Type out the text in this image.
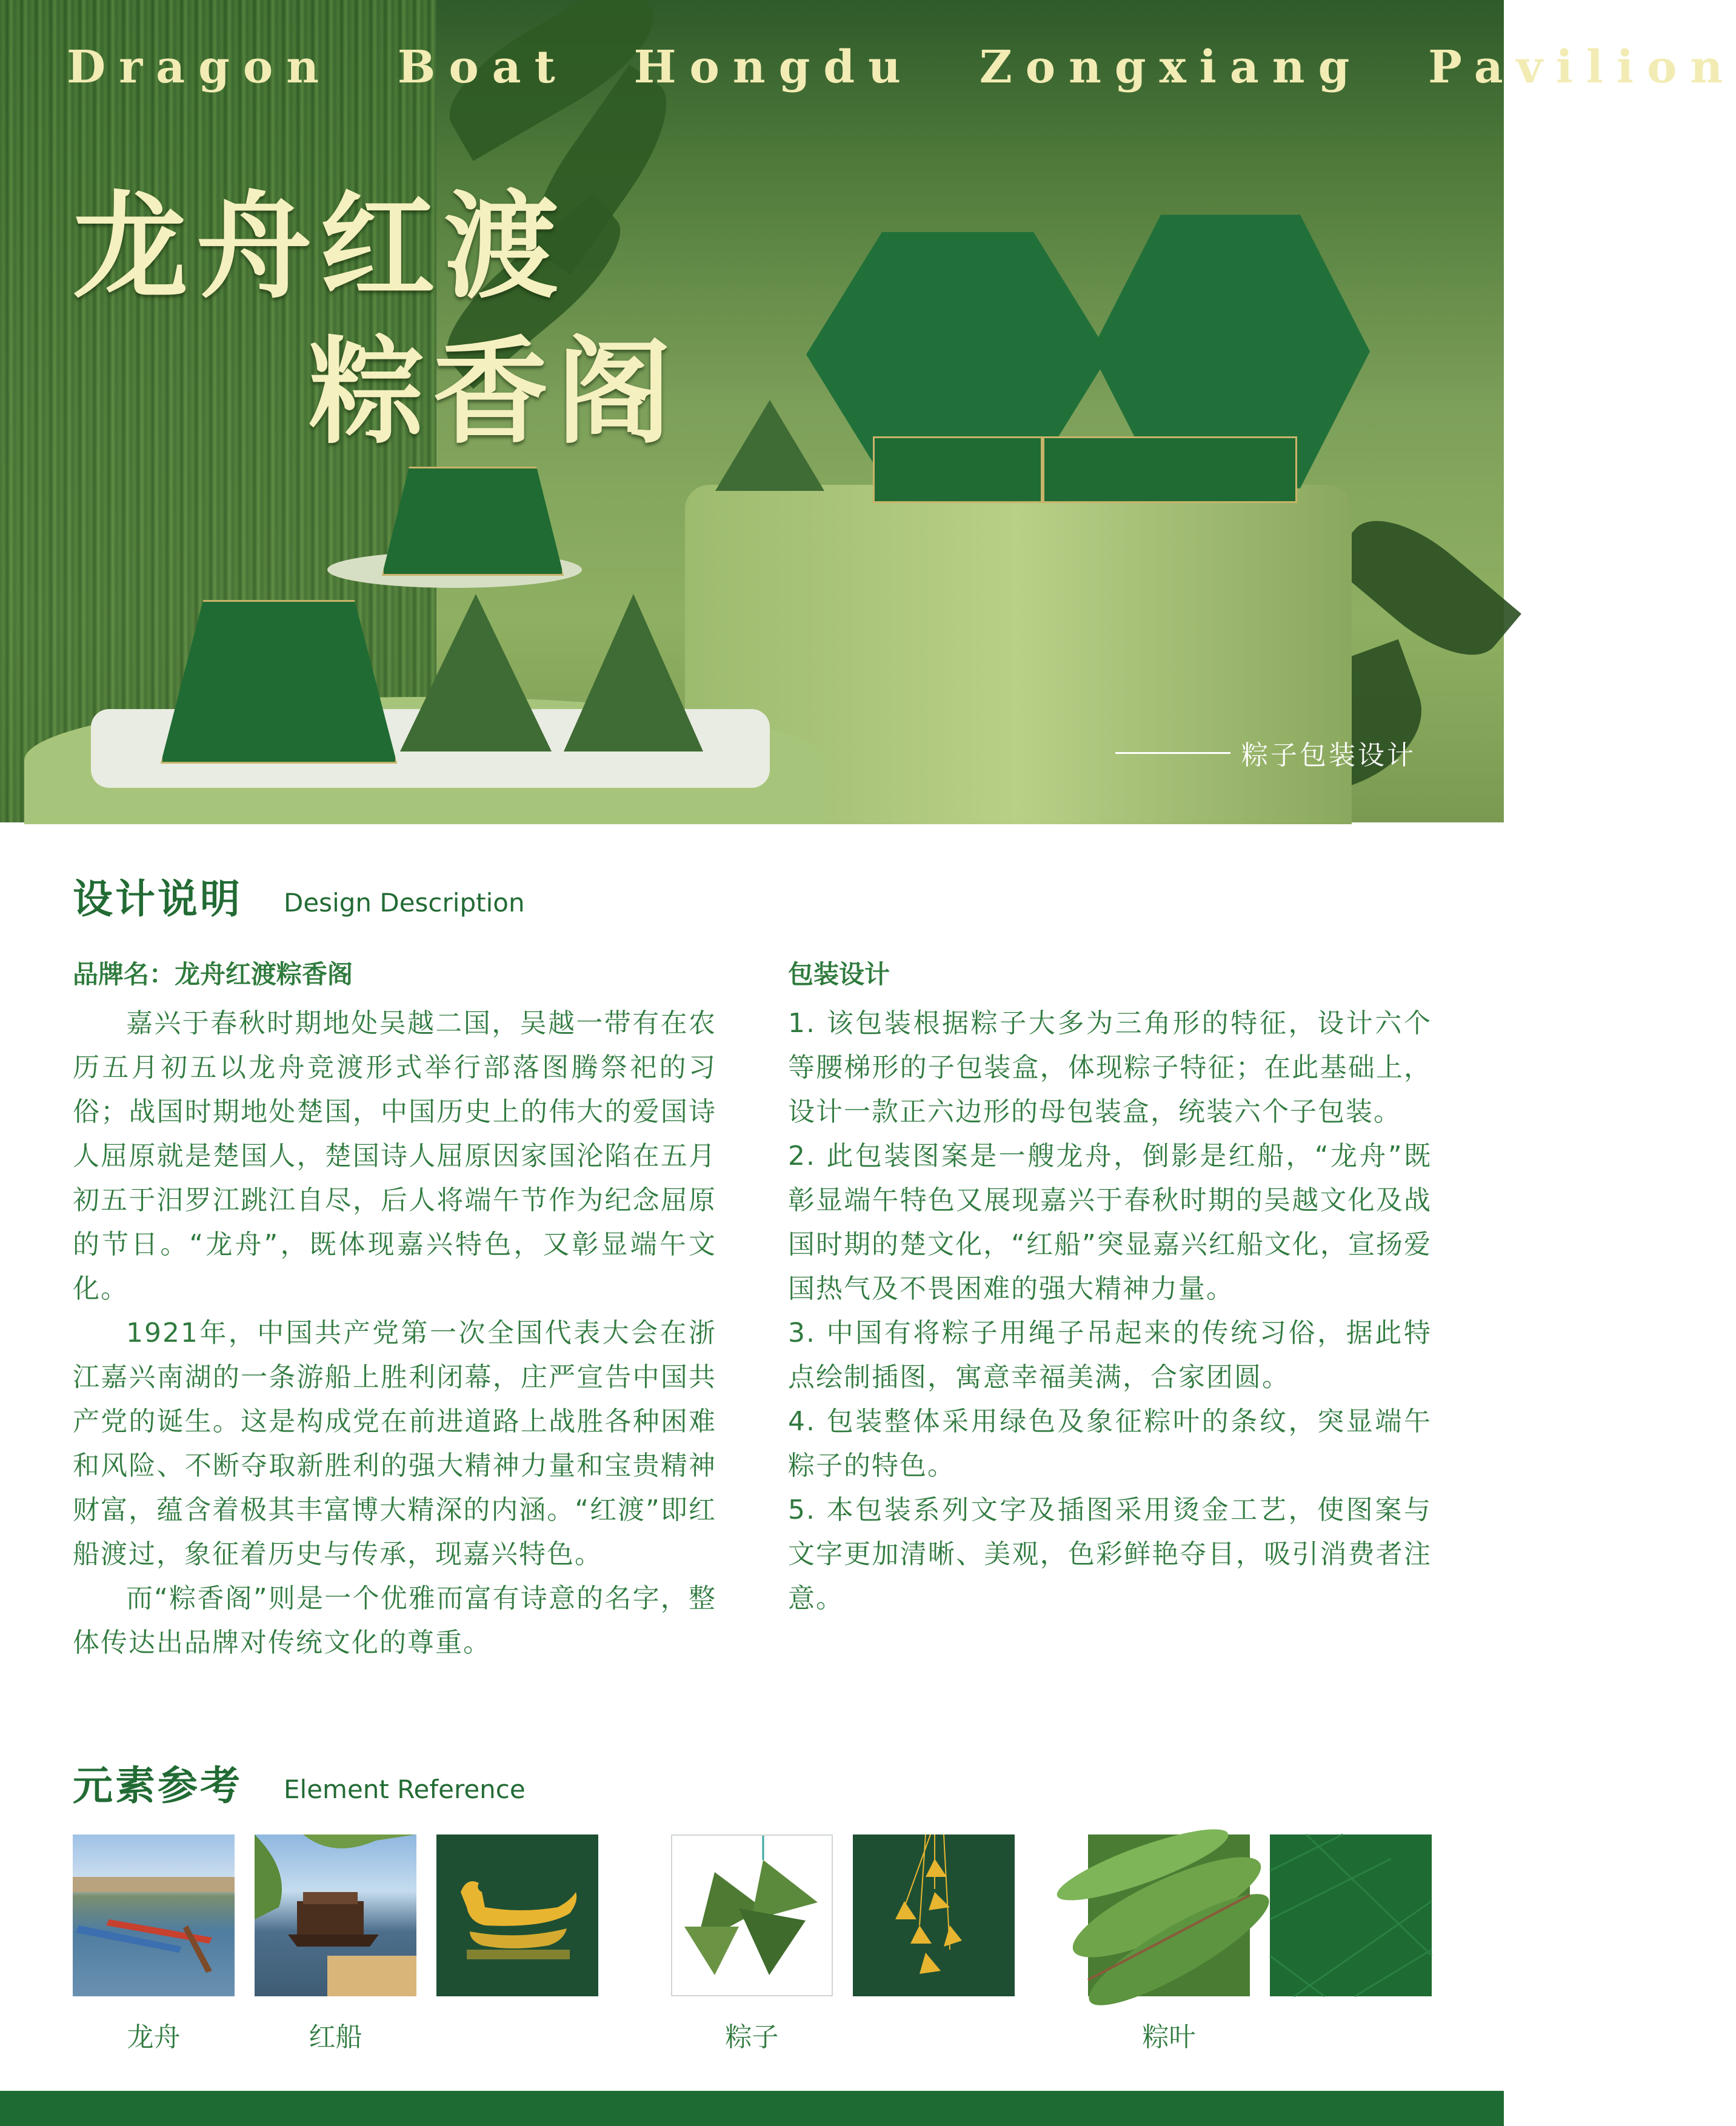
Dragon Boat Hongdu Zongxiang Pavilion
龙舟红渡
粽香阁
粽子包装设计
设计说明 Design Description
品牌名：龙舟红渡粽香阁

嘉兴于春秋时期地处吴越二国，吴越一带有在农历五月初五以龙舟竞渡形式举行部落图腾祭祀的习俗；战国时期地处楚国，中国历史上的伟大的爱国诗人屈原就是楚国人，楚国诗人屈原因家国沦陷在五月初五于汨罗江跳江自尽，后人将端午节作为纪念屈原的节日。“龙舟”，既体现嘉兴特色，又彰显端午文化。

1921年，中国共产党第一次全国代表大会在浙江嘉兴南湖的一条游船上胜利闭幕，庄严宣告中国共产党的诞生。这是构成党在前进道路上战胜各种困难和风险、不断夺取新胜利的强大精神力量和宝贵精神财富，蕴含着极其丰富博大精深的内涵。“红渡”即红船渡过，象征着历史与传承，现嘉兴特色。

而“粽香阁”则是一个优雅而富有诗意的名字，整体传达出品牌对传统文化的尊重。

包装设计

1. 该包装根据粽子大多为三角形的特征，设计六个等腰梯形的子包装盒，体现粽子特征；在此基础上，设计一款正六边形的母包装盒，统装六个子包装。

2. 此包装图案是一艘龙舟，倒影是红船，“龙舟”既彰显端午特色又展现嘉兴于春秋时期的吴越文化及战国时期的楚文化，“红船”突显嘉兴红船文化，宣扬爱国热气及不畏困难的强大精神力量。

3. 中国有将粽子用绳子吊起来的传统习俗，据此特点绘制插图，寓意幸福美满，合家团圆。

4. 包装整体采用绿色及象征粽叶的条纹，突显端午粽子的特色。

5. 本包装系列文字及插图采用烫金工艺，使图案与文字更加清晰、美观，色彩鲜艳夺目，吸引消费者注意。

元素参考 Element Reference
龙舟	红船	粽子	粽叶
